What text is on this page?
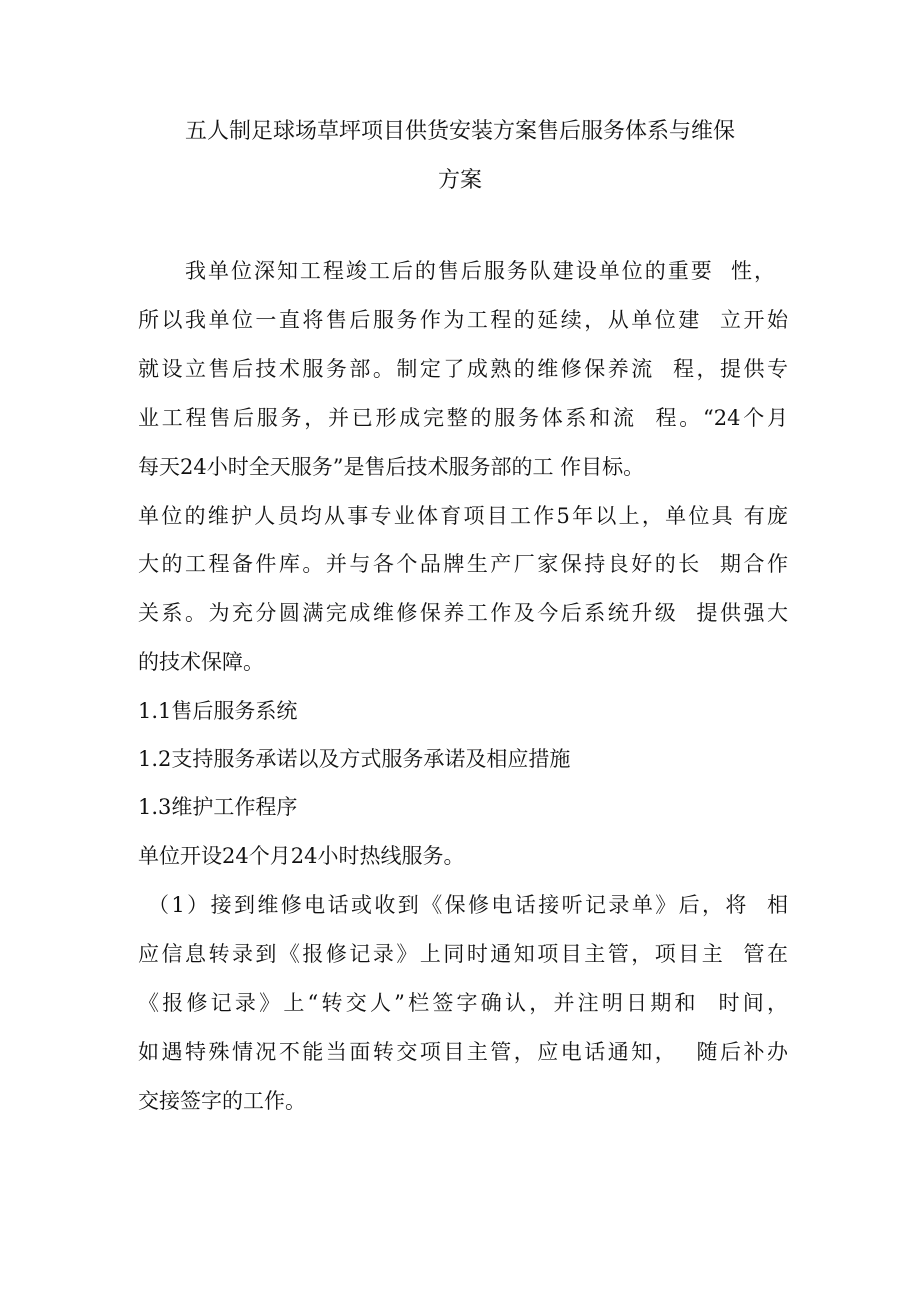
五人制足球场草坪项目供货安装方案售后服务体系与维保
方案
我单位深知工程竣工后的售后服务队建设单位的重要  性，
所以我单位一直将售后服务作为工程的延续，从单位建  立开始
就设立售后技术服务部。制定了成熟的维修保养流  程，提供专
业工程售后服务，并已形成完整的服务体系和流  程。“24个月
每天24小时全天服务”是售后技术服务部的工 作目标。
单位的维护人员均从事专业体育项目工作5年以上，单位具 有庞
大的工程备件库。并与各个品牌生产厂家保持良好的长  期合作
关系。为充分圆满完成维修保养工作及今后系统升级  提供强大
的技术保障。
1.1售后服务系统
1.2支持服务承诺以及方式服务承诺及相应措施
1.3维护工作程序
单位开设24个月24小时热线服务。
（1）接到维修电话或收到《保修电话接听记录单》后，将  相
应信息转录到《报修记录》上同时通知项目主管，项目主  管在
《报修记录》上“转交人”栏签字确认，并注明日期和  时间，
如遇特殊情况不能当面转交项目主管，应电话通知，  随后补办
交接签字的工作。
